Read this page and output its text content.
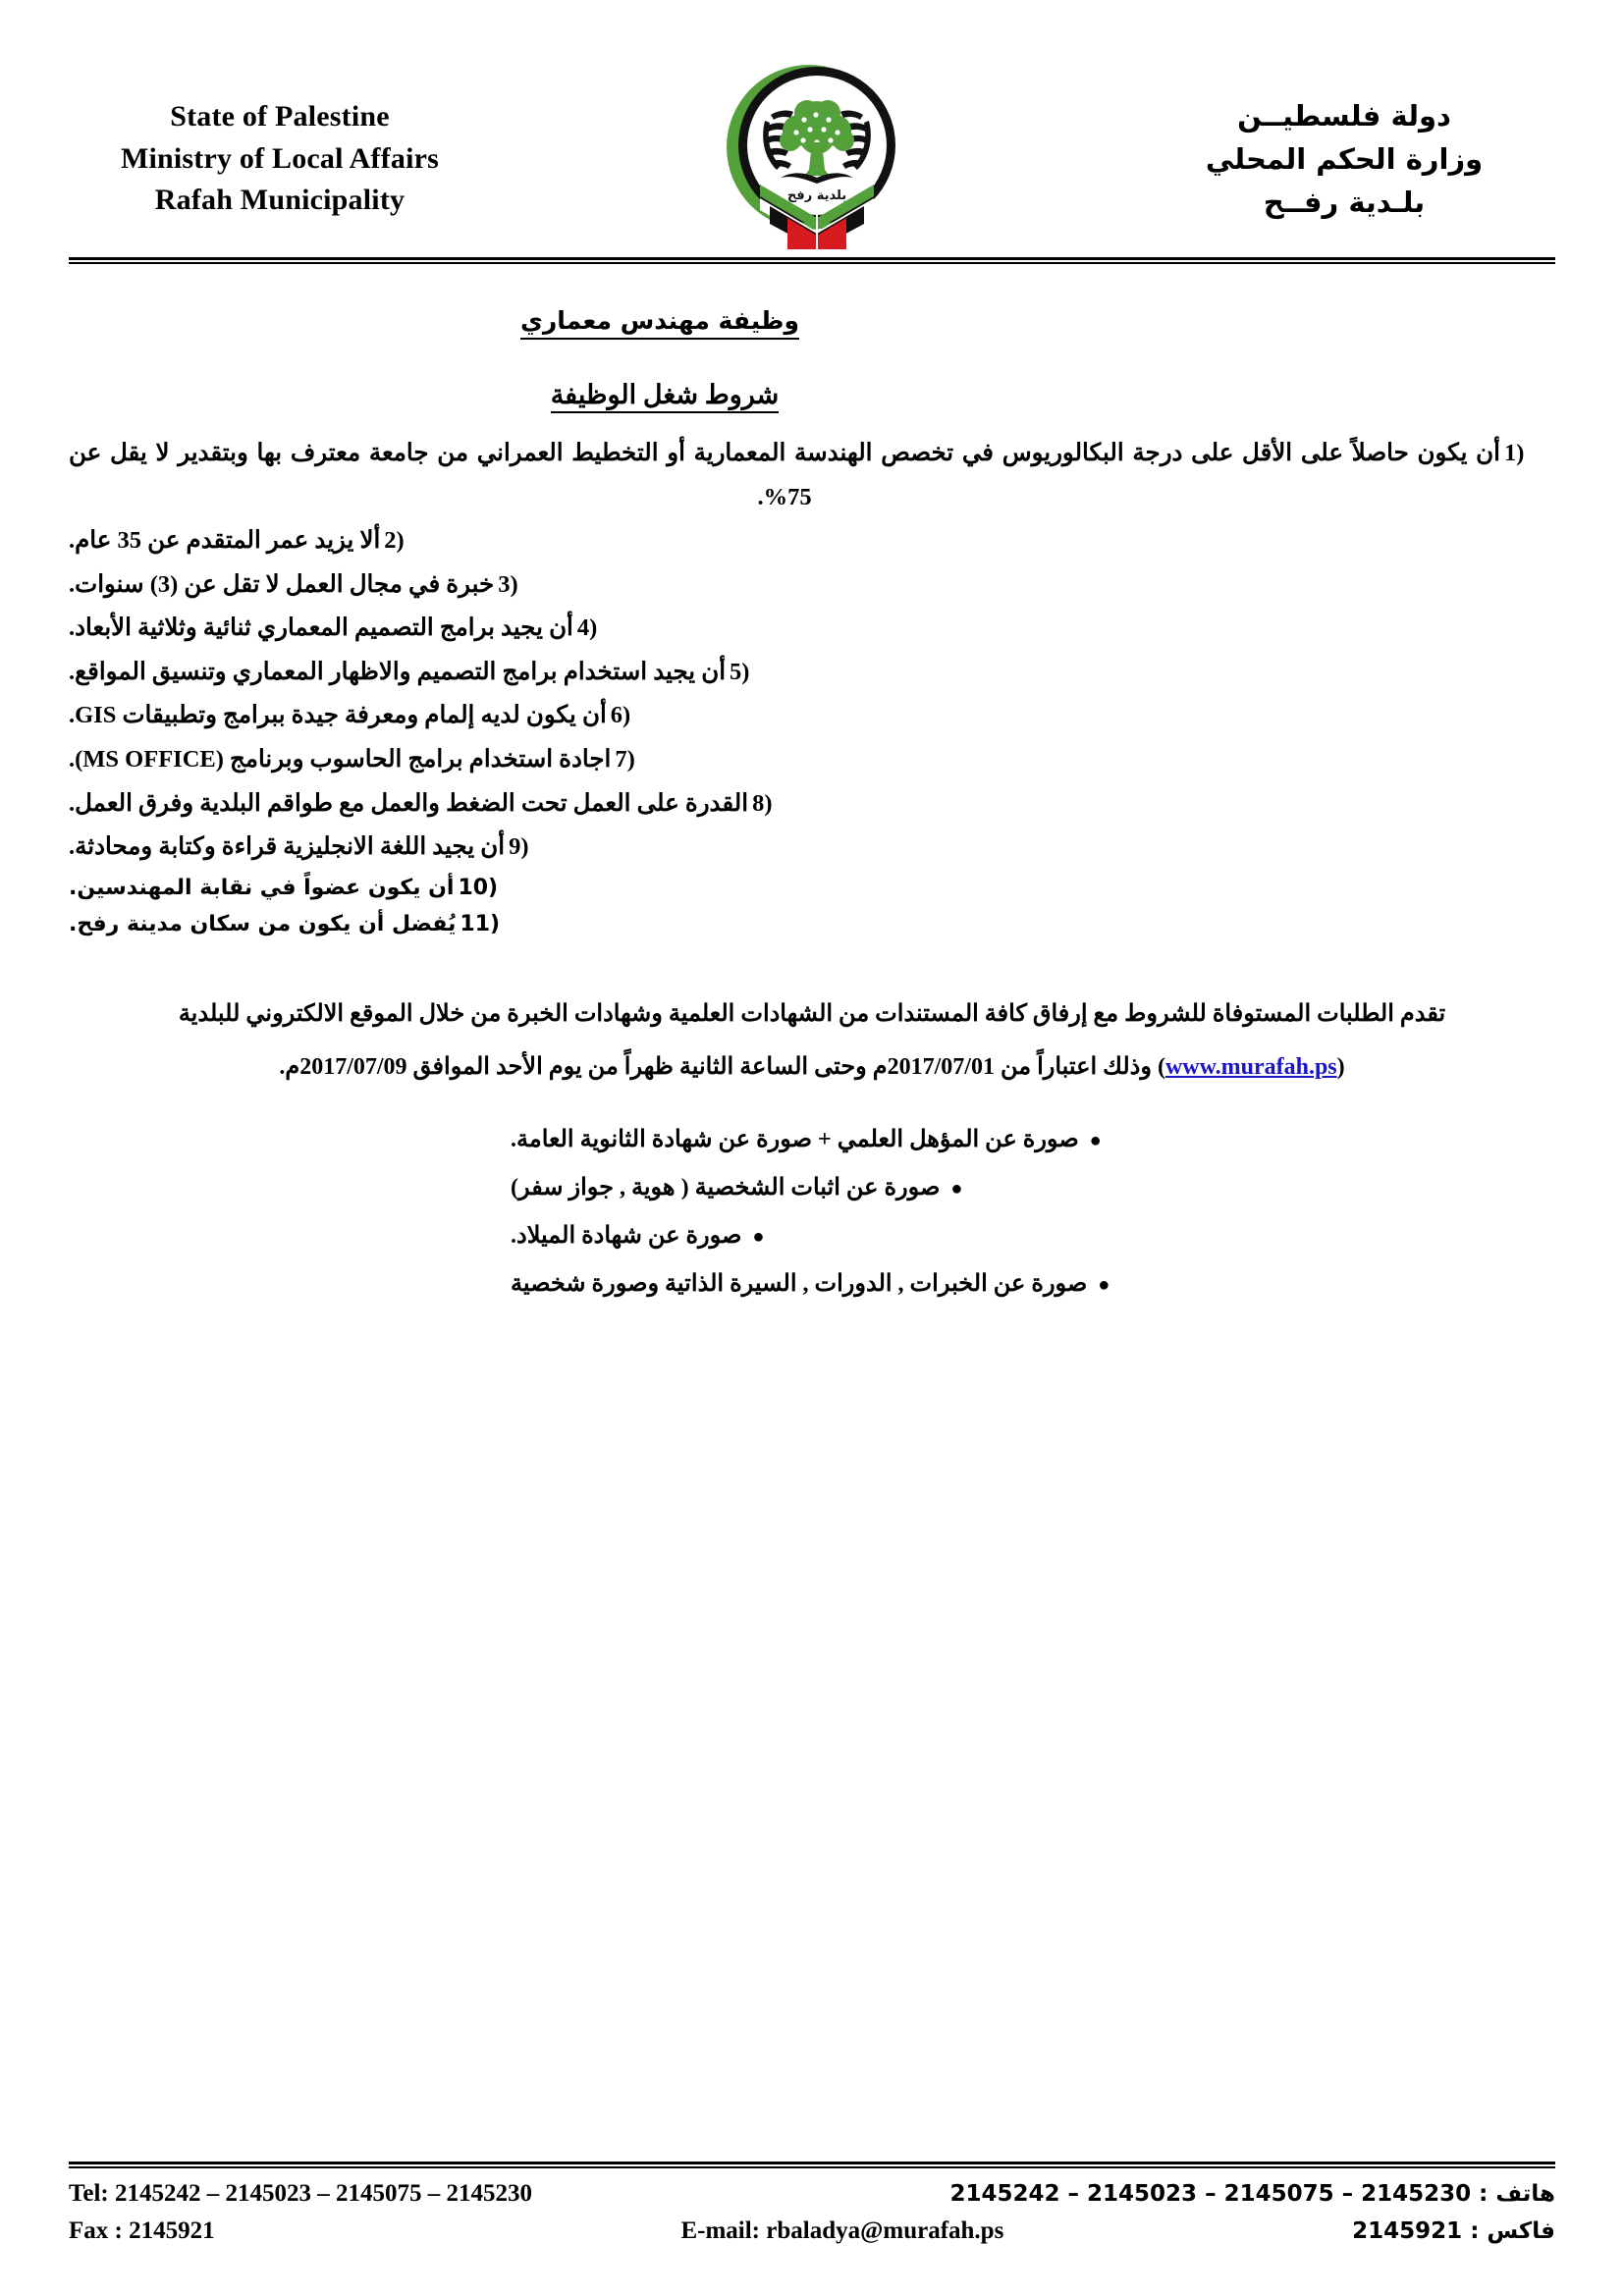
دولة فلسطيــن
وزارة الحكم المحلي
بلـدية رفــح
بلدية رفح
State of Palestine
Ministry of Local Affairs
Rafah Municipality
وظيفة مهندس معماري
شروط شغل الوظيفة
1)
أن يكون حاصلاً على الأقل على درجة البكالوريوس في تخصص الهندسة المعمارية أو التخطيط العمراني من جامعة معترف بها وبتقدير لا يقل عن 75%.
2)
ألا يزيد عمر المتقدم عن 35 عام.
3)
خبرة في مجال العمل لا تقل عن (3) سنوات.
4)
أن يجيد برامج التصميم المعماري ثنائية وثلاثية الأبعاد.
5)
أن يجيد استخدام برامج التصميم والاظهار المعماري وتنسيق المواقع.
6)
أن يكون لديه إلمام ومعرفة جيدة ببرامج وتطبيقات GIS.
7)
اجادة استخدام برامج الحاسوب وبرنامج (MS OFFICE).
8)
القدرة على العمل تحت الضغط والعمل مع طواقم البلدية وفرق العمل.
9)
أن يجيد اللغة الانجليزية قراءة وكتابة ومحادثة.
10)
أن يكون عضواً في نقابة المهندسين.
11)
يُفضل أن يكون من سكان مدينة رفح.
تقدم الطلبات المستوفاة للشروط مع إرفاق كافة المستندات من الشهادات العلمية وشهادات الخبرة من خلال الموقع الالكتروني للبلدية
(www.murafah.ps) وذلك اعتباراً من 2017/07/01م وحتى الساعة الثانية ظهراً من يوم الأحد الموافق 2017/07/09م.
●
صورة عن المؤهل العلمي + صورة عن شهادة الثانوية العامة.
●
صورة عن اثبات الشخصية ( هوية , جواز سفر)
●
صورة عن شهادة الميلاد.
●
صورة عن الخبرات , الدورات , السيرة الذاتية وصورة شخصية
هاتف : 2145230 – 2145075 – 2145023 – 2145242
Tel: 2145242 – 2145023 – 2145075 – 2145230
فاكس : 2145921
E-mail: rbaladya@murafah.ps
Fax : 2145921
